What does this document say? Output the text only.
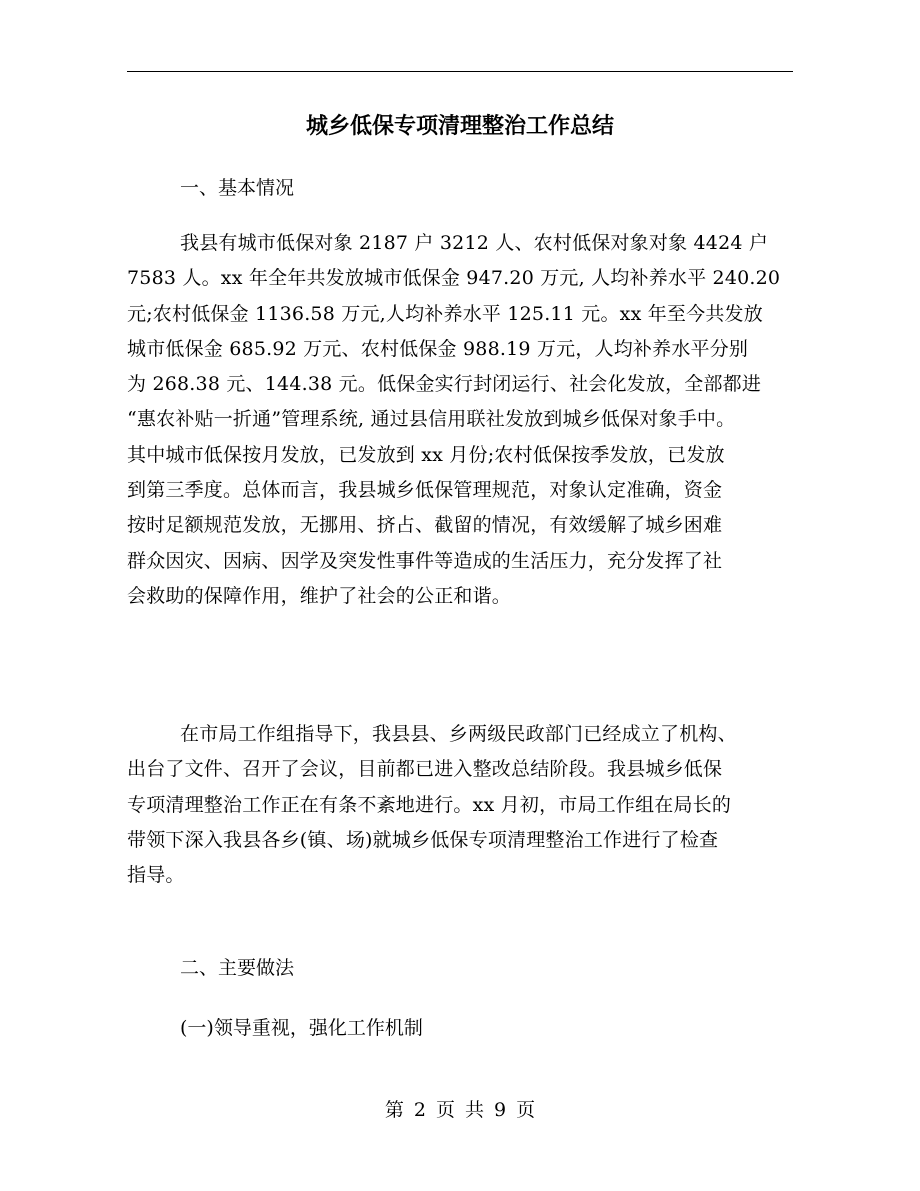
城乡低保专项清理整治工作总结

一、基本情况

我县有城市低保对象 2187 户 3212 人、农村低保对象对象 4424 户
7583 人。xx 年全年共发放城市低保金 947.20 万元, 人均补养水平 240.20
元;农村低保金 1136.58 万元,人均补养水平 125.11 元。xx 年至今共发放
城市低保金 685.92 万元、农村低保金 988.19 万元，人均补养水平分别
为 268.38 元、144.38 元。低保金实行封闭运行、社会化发放，全部都进
“惠农补贴一折通”管理系统, 通过县信用联社发放到城乡低保对象手中。
其中城市低保按月发放，已发放到 xx 月份;农村低保按季发放，已发放
到第三季度。总体而言，我县城乡低保管理规范，对象认定准确，资金
按时足额规范发放，无挪用、挤占、截留的情况，有效缓解了城乡困难
群众因灾、因病、因学及突发性事件等造成的生活压力，充分发挥了社
会救助的保障作用，维护了社会的公正和谐。
在市局工作组指导下，我县县、乡两级民政部门已经成立了机构、
出台了文件、召开了会议，目前都已进入整改总结阶段。我县城乡低保
专项清理整治工作正在有条不紊地进行。xx 月初，市局工作组在局长的
带领下深入我县各乡(镇、场)就城乡低保专项清理整治工作进行了检查
指导。

二、主要做法

(一)领导重视，强化工作机制

第 2 页 共 9 页
